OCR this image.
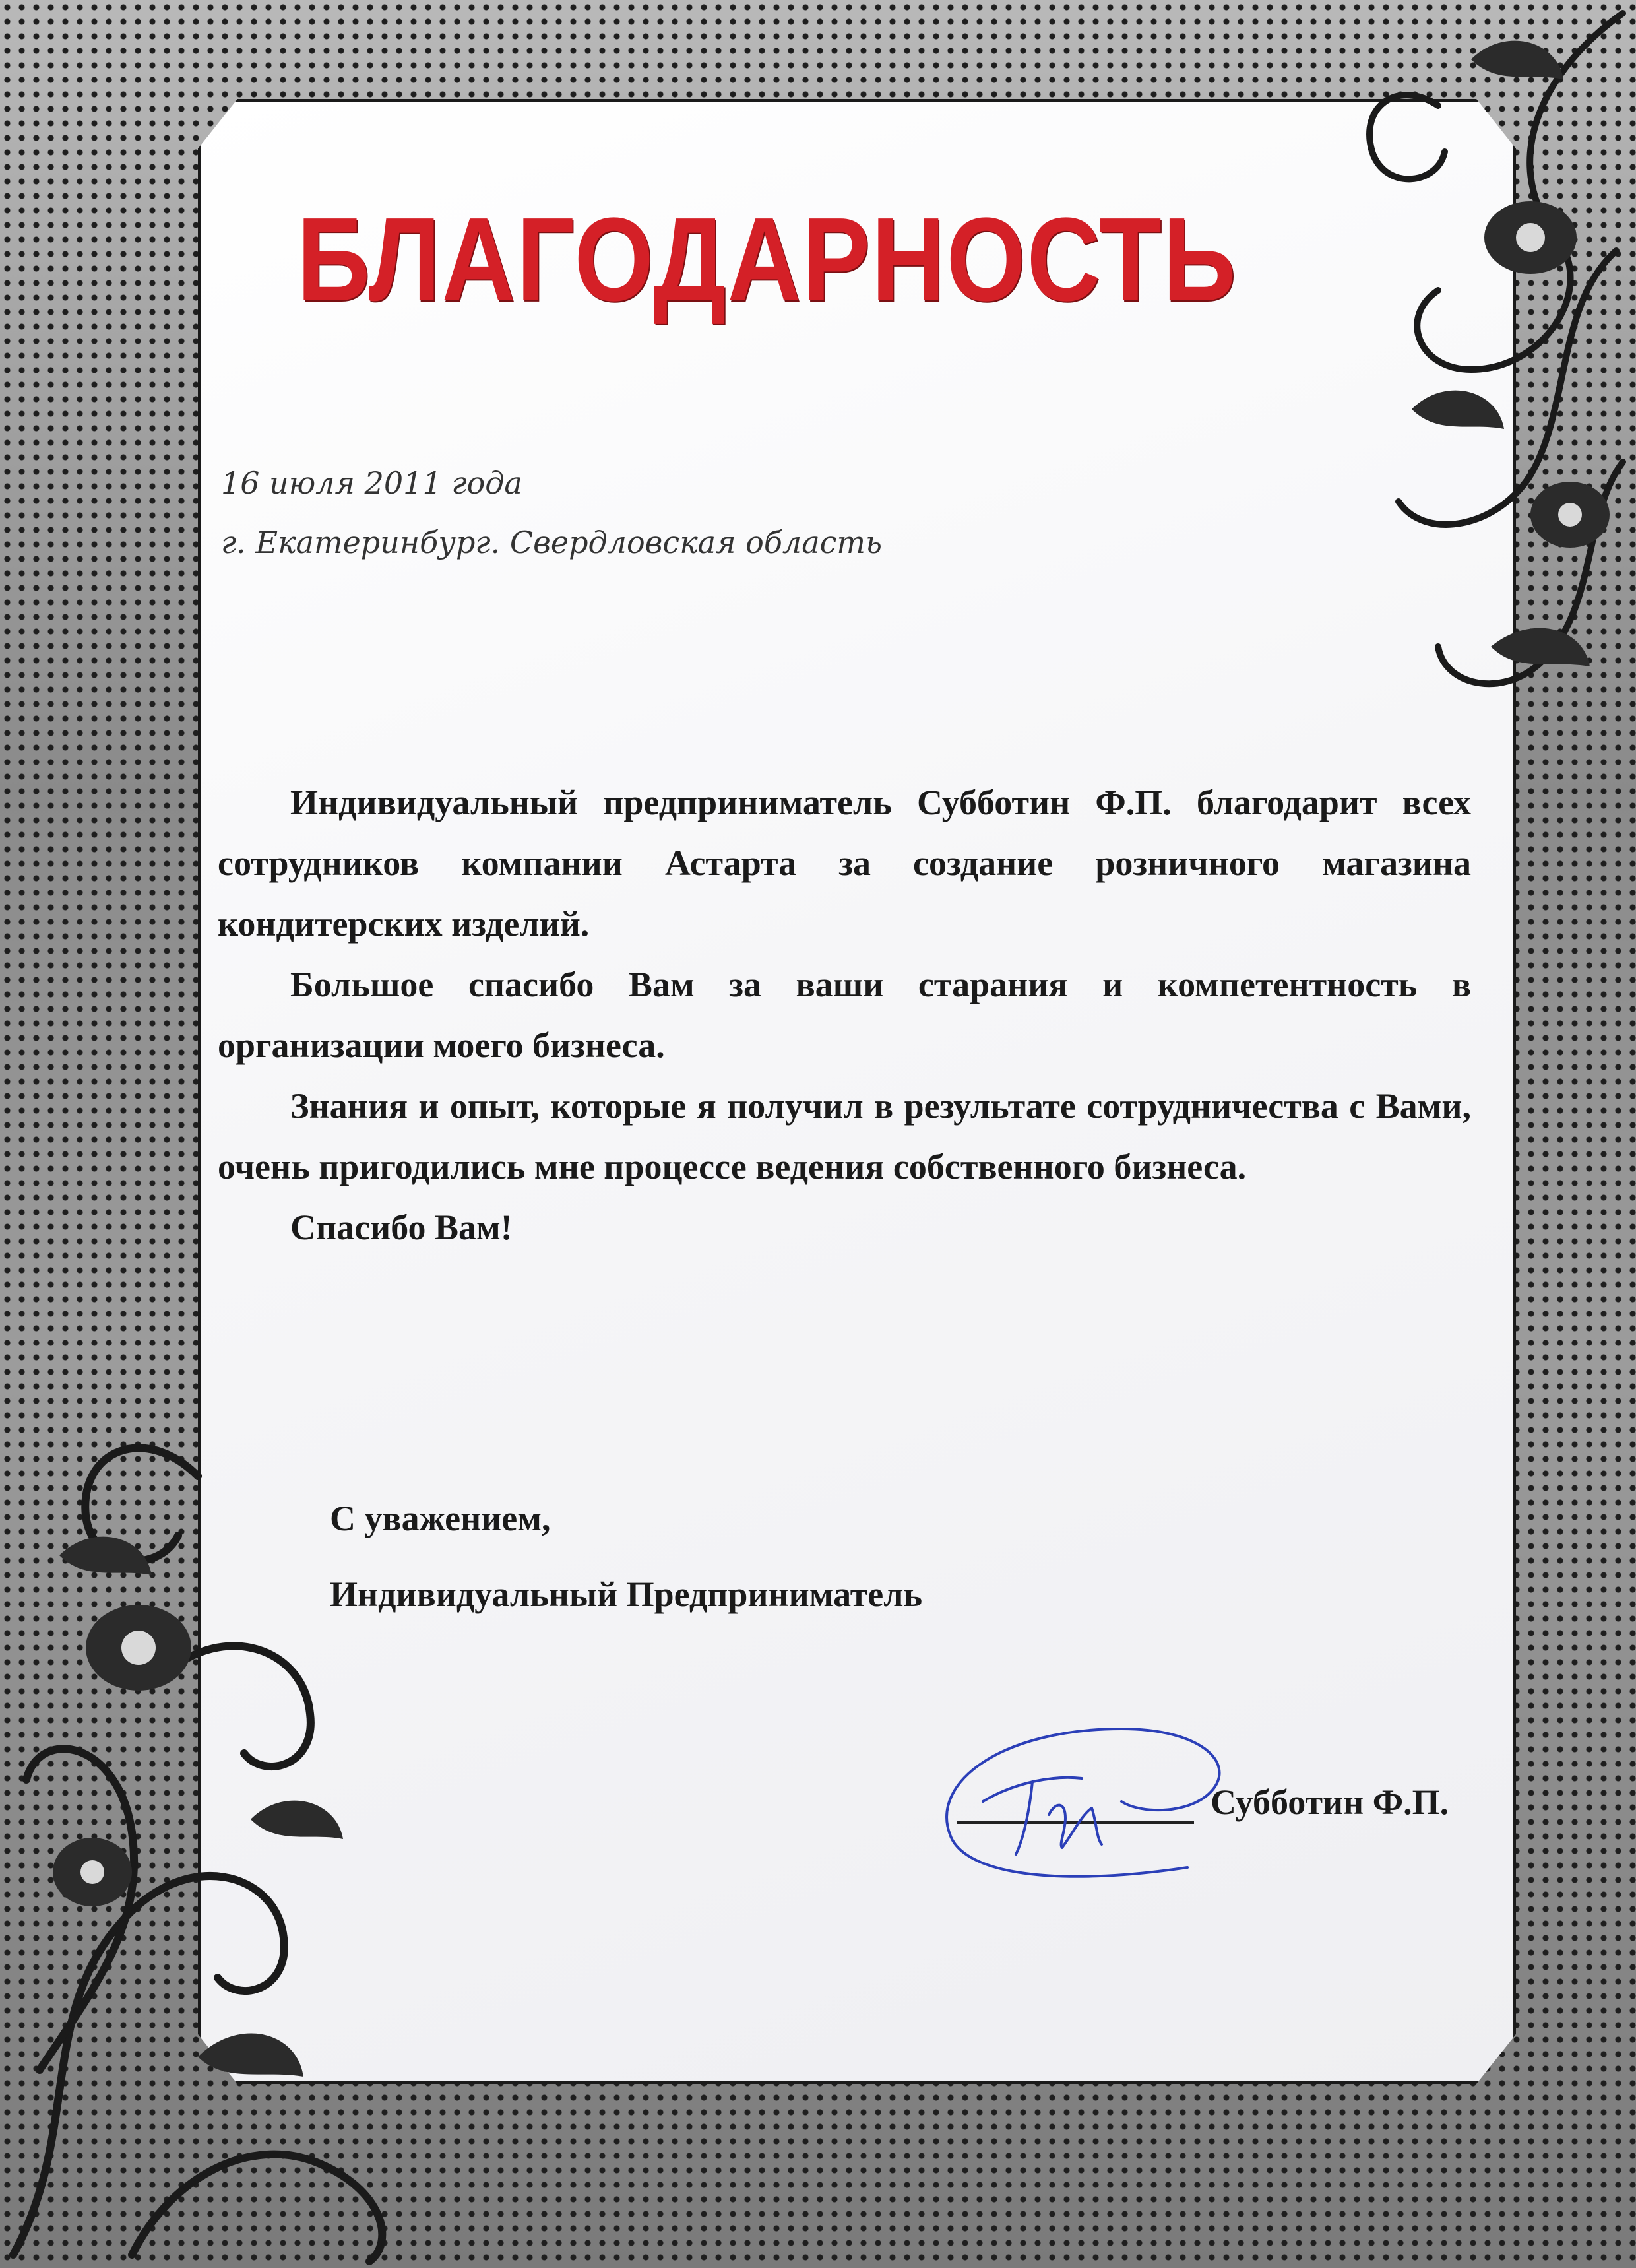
БЛАГОДАРНОСТЬ
16 июля 2011 года
г. Екатеринбург. Свердловская область

Индивидуальный предприниматель Субботин Ф.П. благодарит всех сотрудников компании Астарта за создание розничного магазина кондитерских изделий.

Большое спасибо Вам за ваши старания и компетентность в организации моего бизнеса.

Знания и опыт, которые я получил в результате сотрудничества с Вами, очень пригодились мне процессе ведения собственного бизнеса.

Спасибо Вам!

С уважением,
Индивидуальный Предприниматель
Субботин Ф.П.
